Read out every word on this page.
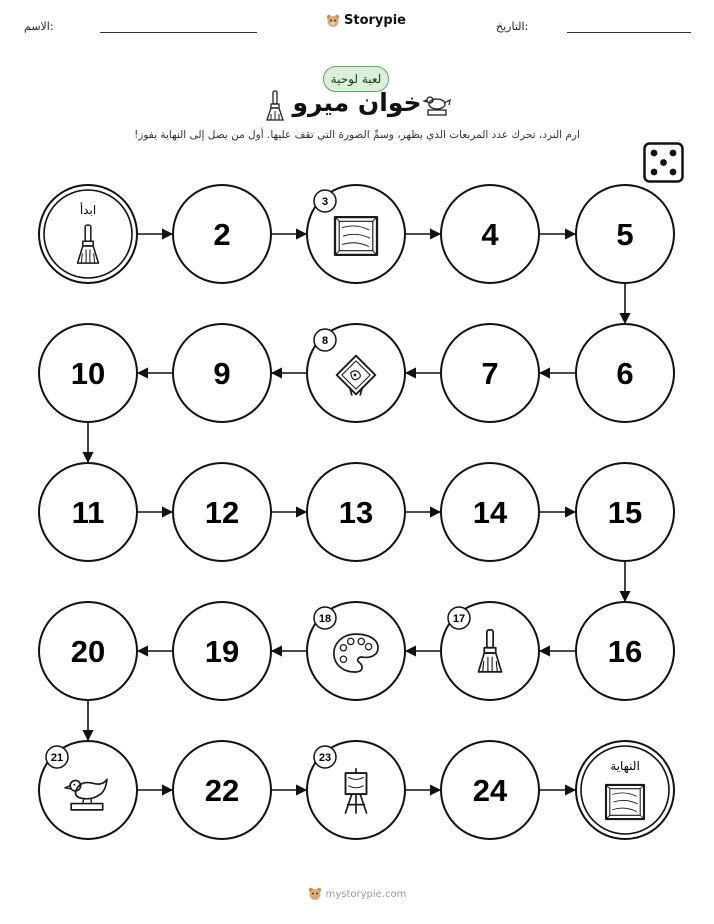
الاسم:	Storypie	التاريخ:
لعبة لوحية
خوان ميرو
ارم النرد، تحرك عدد المربعات الذي يظهر، وسمِّ الصورة التي تقف عليها. أول من يصل إلى النهاية يفوز!
ابدأ
2
3
4	5
6
7
8
9
10
11	12	13	14	15
16
17
18
19
20
21
22
23
24
النهاية
mystorypie.com
